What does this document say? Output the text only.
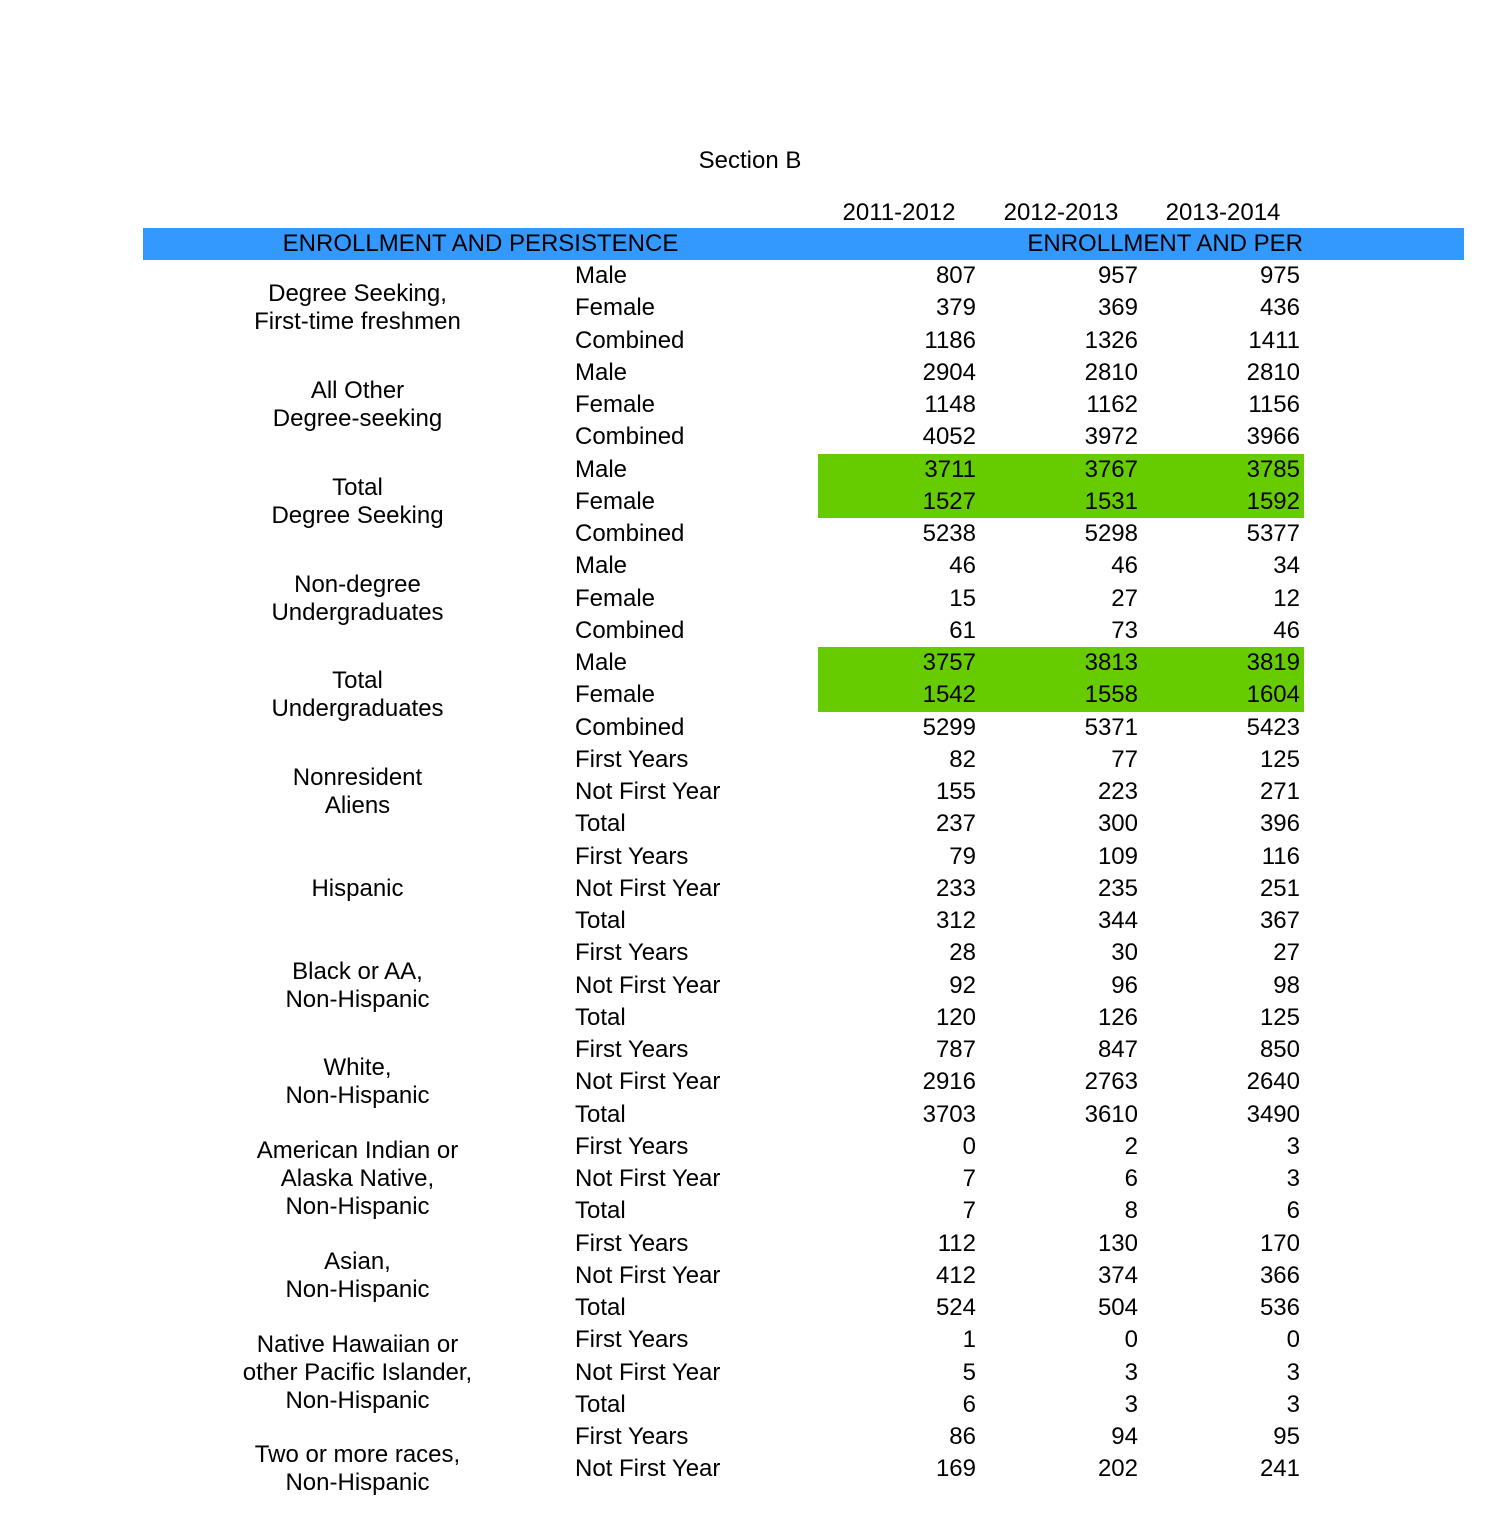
Section B
2011-2012	2012-2013	2013-2014
ENROLLMENT AND PERSISTENCE	ENROLLMENT AND PER
Degree Seeking,
First-time freshmen
Male	807	957	975
Female	379	369	436
Combined	1186	1326	1411
All Other
Degree-seeking
Male	2904	2810	2810
Female	1148	1162	1156
Combined	4052	3972	3966
Total
Degree Seeking
Male	3711	3767	3785
Female	1527	1531	1592
Combined	5238	5298	5377
Non-degree
Undergraduates
Male	46	46	34
Female	15	27	12
Combined	61	73	46
Total
Undergraduates
Male	3757	3813	3819
Female	1542	1558	1604
Combined	5299	5371	5423
Nonresident
Aliens
First Years	82	77	125
Not First Year	155	223	271
Total	237	300	396
Hispanic
First Years	79	109	116
Not First Year	233	235	251
Total	312	344	367
Black or AA,
Non-Hispanic
First Years	28	30	27
Not First Year	92	96	98
Total	120	126	125
White,
Non-Hispanic
First Years	787	847	850
Not First Year	2916	2763	2640
Total	3703	3610	3490
American Indian or
Alaska Native,
Non-Hispanic
First Years	0	2	3
Not First Year	7	6	3
Total	7	8	6
Asian,
Non-Hispanic
First Years	112	130	170
Not First Year	412	374	366
Total	524	504	536
Native Hawaiian or
other Pacific Islander,
Non-Hispanic
First Years	1	0	0
Not First Year	5	3	3
Total	6	3	3
Two or more races,
Non-Hispanic
First Years	86	94	95
Not First Year	169	202	241
